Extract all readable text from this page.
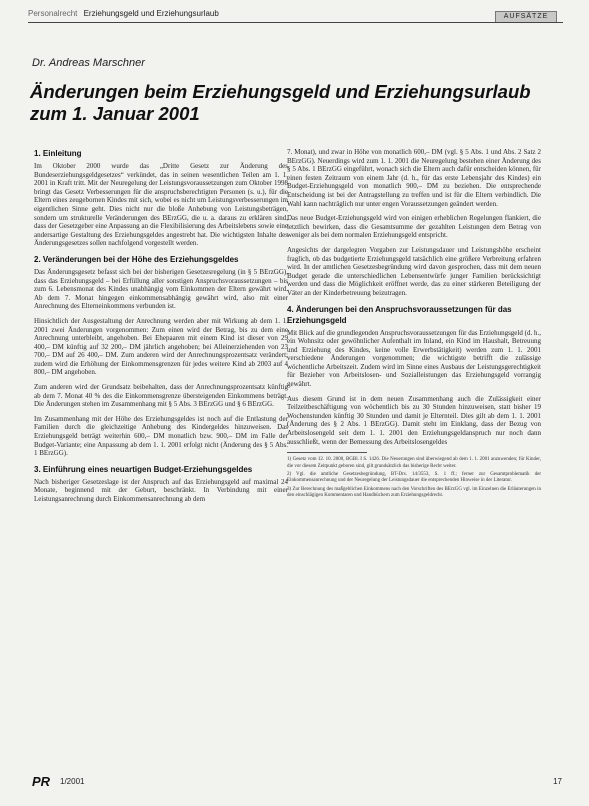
Personalrecht Erziehungsgeld und Erziehungsurlaub	AUFSÄTZE
Dr. Andreas Marschner
Änderungen beim Erziehungsgeld und Erziehungsurlaub zum 1. Januar 2001
1. Einleitung

Im Oktober 2000 wurde das „Dritte Gesetz zur Änderung des Bundeserziehungsgeldgesetzes“ verkündet, das in seinen wesentlichen Teilen am 1. 1. 2001 in Kraft tritt. Mit der Neuregelung der Leistungsvoraussetzungen zum Oktober 1998 bringt das Gesetz Verbesserungen für die anspruchsberechtigten Personen (s. u.), für die Eltern eines zeugebornen Kindes mit sich, wobei es nicht um Leistungsverbesserungen im eigentlichen Sinne geht. Dies nicht nur die bloße Anhebung von Leistungsbeträgen, sondern um strukturelle Veränderungen des BErzGG, die u. a. daraus zu erklären sind, dass der Gesetzgeber eine Anpassung an die Flexibilisierung des Arbeitslebens sowie eine andersartige Gestaltung des Erziehungsgeldes angestrebt hat. Die wichtigsten Inhalte des Änderungsgesetzes sollen nachfolgend vorgestellt werden.

2. Veränderungen bei der Höhe des Erziehungsgeldes

Das Änderungsgesetz befasst sich bei der bisherigen Gesetzesregelung (in § 5 BErzGG), dass das Erziehungsgeld – bei Erfüllung aller sonstigen Anspruchsvoraussetzungen – bis zum 6. Lebensmonat des Kindes unabhängig vom Einkommen der Eltern gewährt wird. Ab dem 7. Monat hingegen einkommensabhängig gewährt wird, also mit einer Anrechnung des Elterneinkommens verbunden ist.

Hinsichtlich der Ausgestaltung der Anrechnung werden aber mit Wirkung ab dem 1. 1. 2001 zwei Änderungen vorgenommen: Zum einen wird der Betrag, bis zu dem eine Anrechnung unterbleibt, angehoben. Bei Ehepaaren mit einem Kind ist dieser von 29 400,– DM künftig auf 32 200,– DM jährlich angehoben; bei Alleinerziehenden von 23 700,– DM auf 26 400,– DM. Zum anderen wird der Anrechnungsprozentsatz verändert; zudem wird die Erhöhung der Einkommensgrenzen für jedes weitere Kind ab 2003 auf 4 800,– DM angehoben.

Zum anderen wird der Grundsatz beibehalten, dass der Anrechnungsprozentsatz künftig ab dem 7. Monat 40 % des die Einkommensgrenze übersteigenden Einkommens beträgt. Die Änderungen stehen im Zusammenhang mit § 5 Abs. 3 BErzGG und § 6 BErzGG.

Im Zusammenhang mit der Höhe des Erziehungsgeldes ist noch auf die Entlastung der Familien durch die gleichzeitige Anhebung des Kindergeldes hinzuweisen. Das Erziehungsgeld beträgt weiterhin 600,– DM monatlich bzw. 900,– DM im Falle der Budget-Variante; eine Anpassung ab dem 1. 1. 2001 erfolgt nicht (Änderung des § 5 Abs. 1 BErzGG).

3. Einführung eines neuartigen Budget-Erziehungsgeldes

Nach bisheriger Gesetzeslage ist der Anspruch auf das Erziehungsgeld auf maximal 24 Monate, beginnend mit der Geburt, beschränkt. In Verbindung mit einer Leistungsanrechnung durch Einkommensanrechnung ab dem

7. Monat), und zwar in Höhe von monatlich 600,– DM (vgl. § 5 Abs. 1 und Abs. 2 Satz 2 BErzGG). Neuerdings wird zum 1. 1. 2001 die Neuregelung bestehen einer Änderung des § 5 Abs. 1 BErzGG eingeführt, wonach sich die Eltern auch dafür entscheiden können, für einen festen Zeitraum von einem Jahr (d. h., für das erste Lebensjahr des Kindes) ein Budget-Erziehungsgeld von monatlich 900,– DM zu beziehen. Die entsprechende Entscheidung ist bei der Antragstellung zu treffen und ist für die Eltern verbindlich. Die Wahl kann nachträglich nur unter engen Voraussetzungen geändert werden.

Das neue Budget-Erziehungsgeld wird von einigen erheblichen Regelungen flankiert, die letztlich bewirken, dass die Gesamtsumme der gezahlten Leistungen dem Betrag von weniger als bei dem normalen Erziehungsgeld entspricht.

Angesichts der dargelegten Vorgaben zur Leistungsdauer und Leistungshöhe erscheint fraglich, ob das budgetierte Erziehungsgeld tatsächlich eine größere Verbreitung erfahren wird. In der amtlichen Gesetzesbegründung wird davon gesprochen, dass mit dem neuen Budget gerade die unterschiedlichen Lebensentwürfe junger Familien berücksichtigt werden und dass die Möglichkeit eröffnet werde, das zu einer stärkeren Beteiligung der Väter an der Kinderbetreuung beizutragen.

4. Änderungen bei den Anspruchsvoraussetzungen für das Erziehungsgeld

Mit Blick auf die grundlegenden Anspruchsvoraussetzungen für das Erziehungsgeld (d. h., ein Wohnsitz oder gewöhnlicher Aufenthalt im Inland, ein Kind im Haushalt, Betreuung und Erziehung des Kindes, keine volle Erwerbstätigkeit) werden zum 1. 1. 2001 verschiedene Änderungen vorgenommen; die wichtigste betrifft die zulässige wöchentliche Arbeitszeit. Zudem wird im Sinne eines Ausbaus der Leistungsgerechtigkeit für Bezieher von Arbeitslosen- und Sozialleistungen das Erziehungsgeld vorrangig gewährt.

Aus diesem Grund ist in dem neuen Zusammenhang auch die Zulässigkeit einer Teilzeitbeschäftigung von wöchentlich bis zu 30 Stunden hinzuweisen, statt bisher 19 Wochenstunden künftig 30 Stunden und damit je Elternteil. Dies gilt ab dem 1. 1. 2001 (Änderung des § 2 Abs. 1 BErzGG). Damit steht im Einklang, dass der Bezug von Arbeitslosengeld seit dem 1. 1. 2001 den Erziehungsgeldanspruch nur noch dann ausschließt, wenn der Bemessung des Arbeitslosengeldes

1) Gesetz vom 12. 10. 2000, BGBl. I S. 1426. Die Neuerungen sind überwiegend ab dem 1. 1. 2001 anzuwenden; für Kinder, die vor diesem Zeitpunkt geboren sind, gilt grundsätzlich das bisherige Recht weiter.

2) Vgl. die amtliche Gesetzesbegründung, BT-Drs. 14/3553, S. 1 ff.; ferner zur Gesamtproblematik der Einkommensanrechnung und der Neuregelung der Leistungsdauer die entsprechenden Hinweise in der Literatur.

3) Zur Berechnung des maßgeblichen Einkommens nach den Vorschriften des BErzGG vgl. im Einzelnen die Erläuterungen in den einschlägigen Kommentaren und Handbüchern zum Erziehungsgeldrecht.

PR 1/2001	17
